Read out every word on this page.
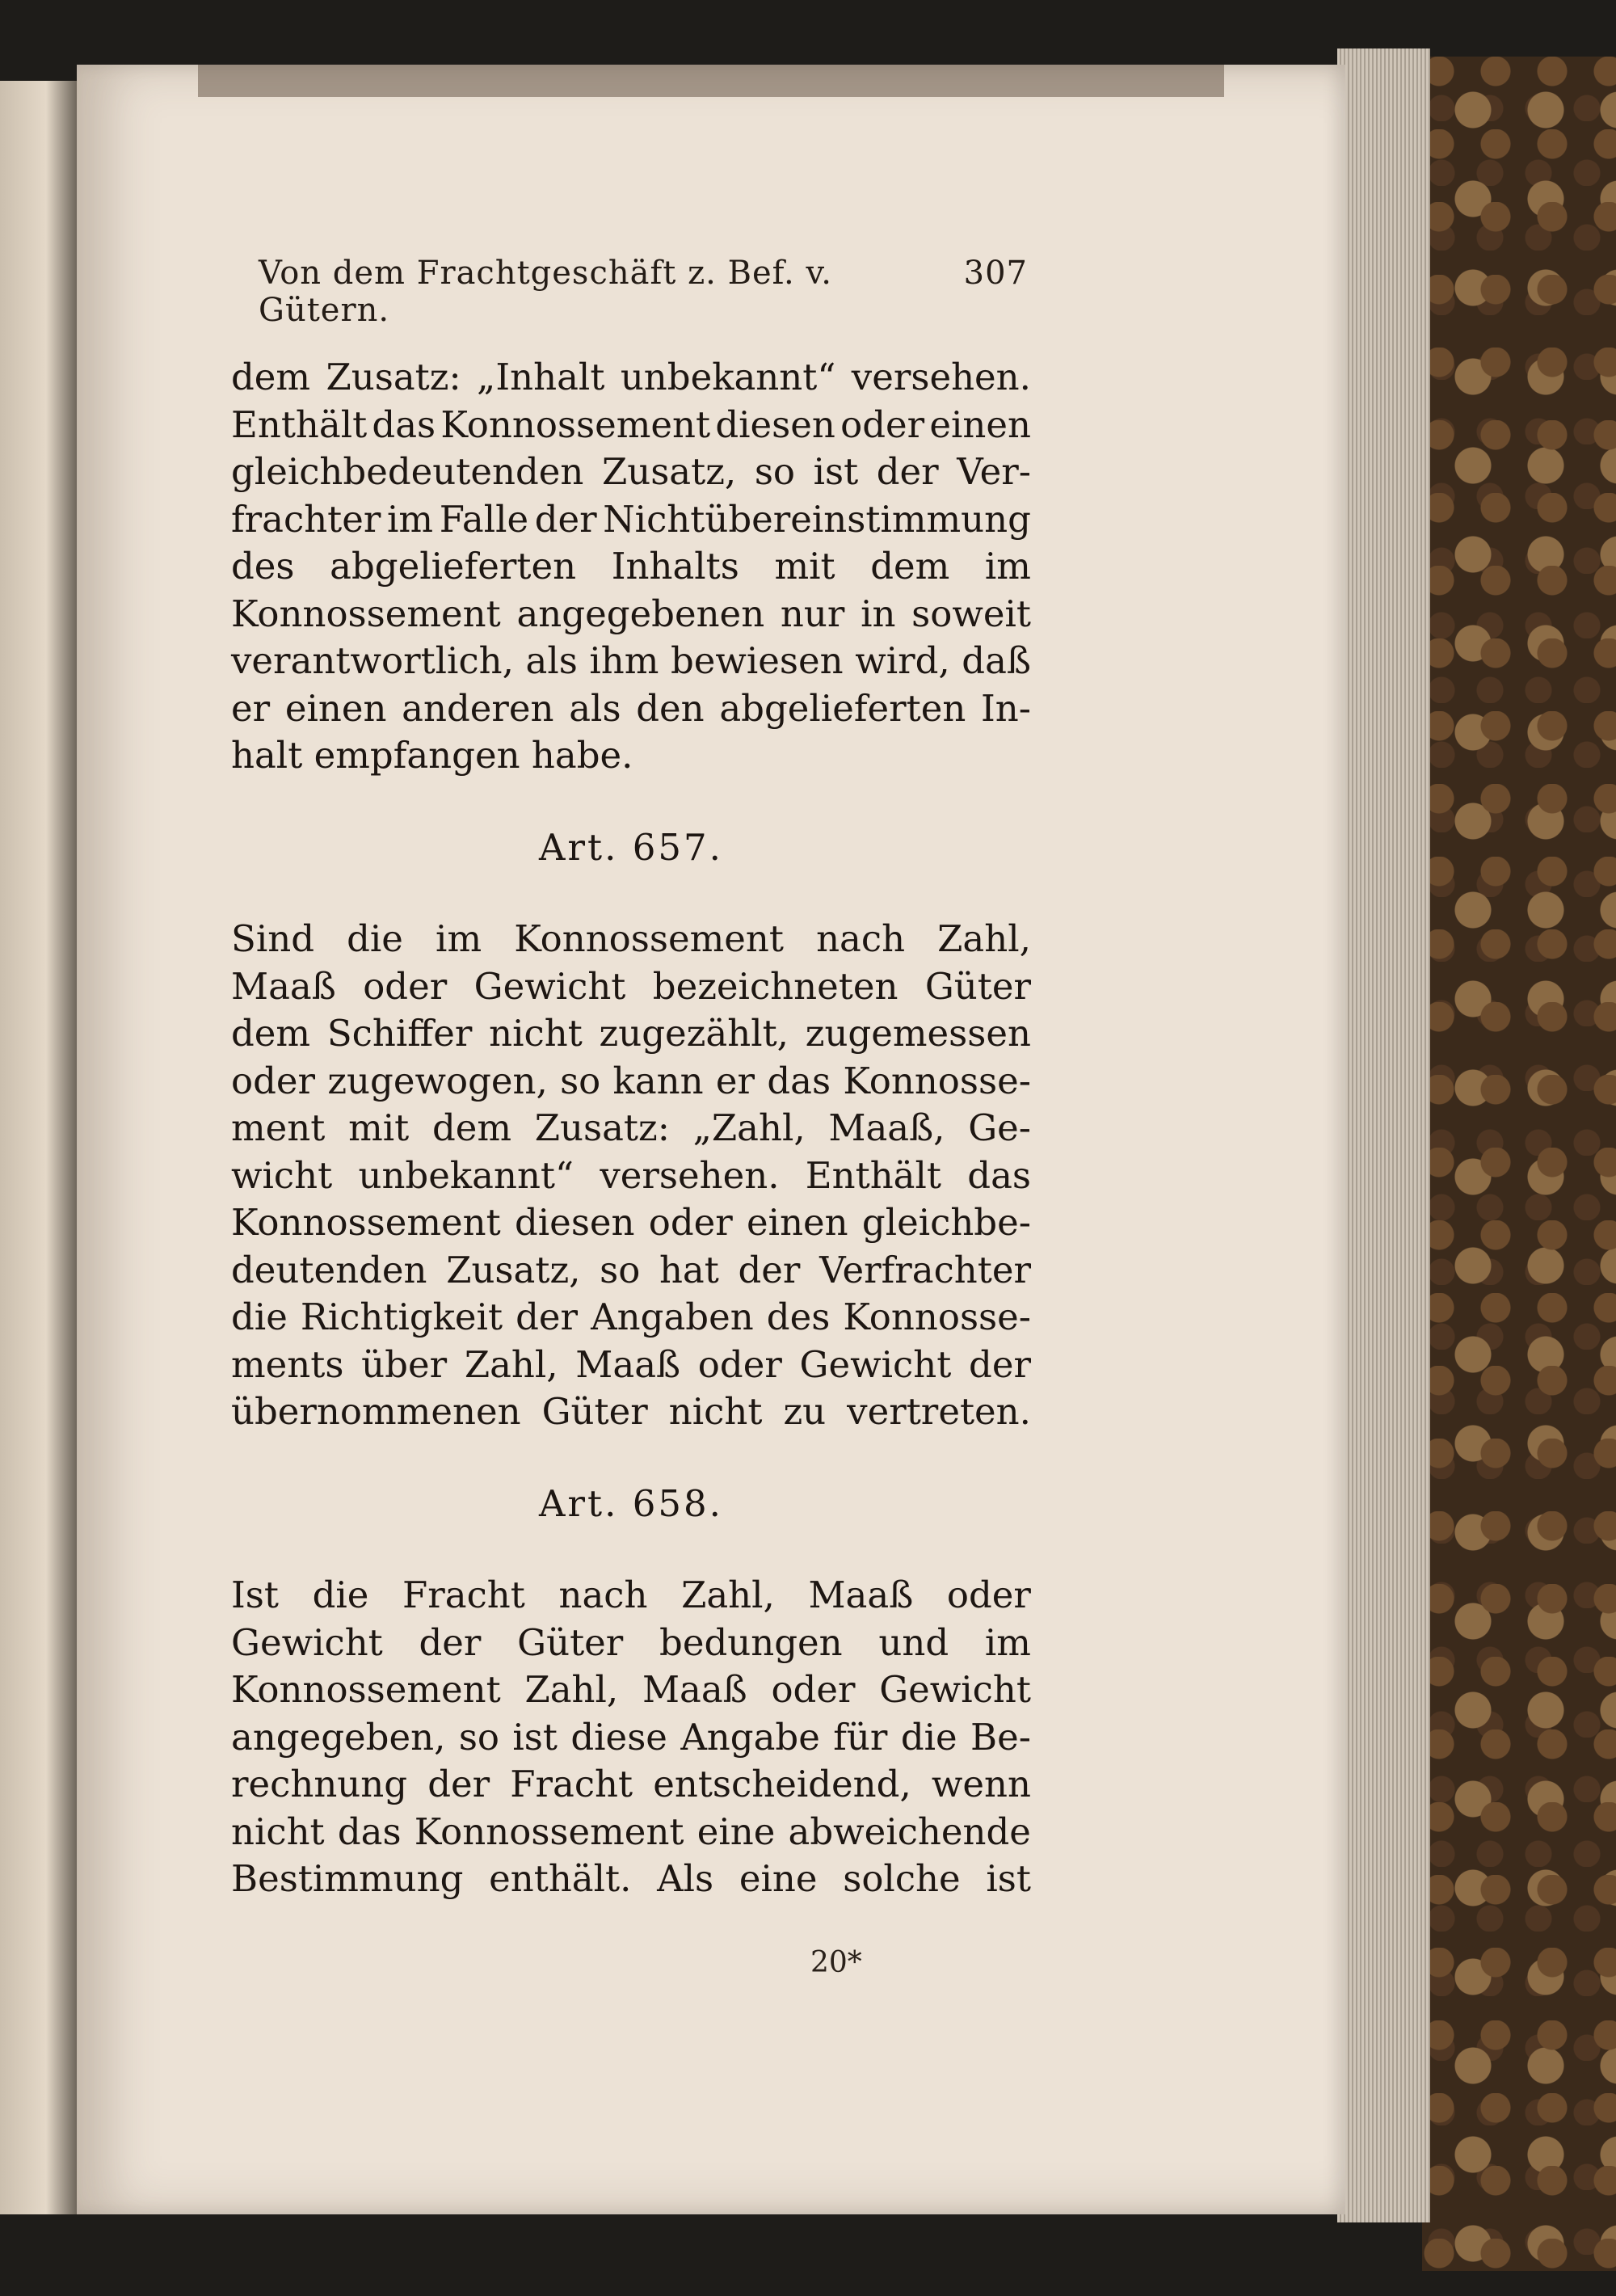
Von dem Frachtgeschäft z. Bef. v. Gütern.
307
dem Zusatz: „Inhalt unbekannt“ versehen.
Enthält das Konnossement diesen oder einen
gleichbedeutenden Zusatz, so ist der Ver-
frachter im Falle der Nichtübereinstimmung
des abgelieferten Inhalts mit dem im
Konnossement angegebenen nur in soweit
verantwortlich, als ihm bewiesen wird, daß
er einen anderen als den abgelieferten In-
halt empfangen habe.
Art. 657.
Sind die im Konnossement nach Zahl,
Maaß oder Gewicht bezeichneten Güter
dem Schiffer nicht zugezählt, zugemessen
oder zugewogen, so kann er das Konnosse-
ment mit dem Zusatz: „Zahl, Maaß, Ge-
wicht unbekannt“ versehen. Enthält das
Konnossement diesen oder einen gleichbe-
deutenden Zusatz, so hat der Verfrachter
die Richtigkeit der Angaben des Konnosse-
ments über Zahl, Maaß oder Gewicht der
übernommenen Güter nicht zu vertreten.
Art. 658.
Ist die Fracht nach Zahl, Maaß oder
Gewicht der Güter bedungen und im
Konnossement Zahl, Maaß oder Gewicht
angegeben, so ist diese Angabe für die Be-
rechnung der Fracht entscheidend, wenn
nicht das Konnossement eine abweichende
Bestimmung enthält. Als eine solche ist
20*
